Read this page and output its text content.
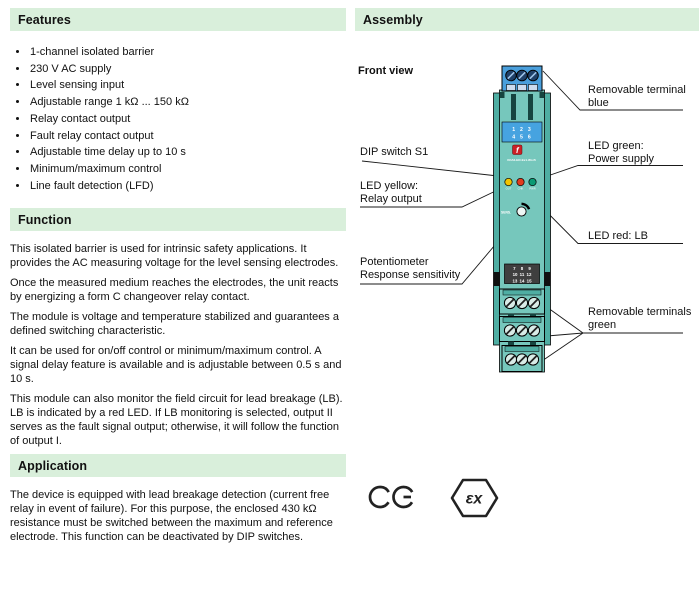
Features
• 1-channel isolated barrier
• 230 V AC supply
• Level sensing input
• Adjustable range 1 kΩ ... 150 kΩ
• Relay contact output
• Fault relay contact output
• Adjustable time delay up to 10 s
• Minimum/maximum control
• Line fault detection (LFD)
Function

This isolated barrier is used for intrinsic safety applications. It provides the AC measuring voltage for the level sensing electrodes.

Once the measured medium reaches the electrodes, the unit reacts by energizing a form C changeover relay contact.

The module is voltage and temperature stabilized and guarantees a defined switching characteristic.

It can be used for on/off control or minimum/maximum control. A signal delay feature is available and is adjustable between 0.5 s and 10 s.

This module can also monitor the field circuit for lead breakage (LB). LB is indicated by a red LED. If LB monitoring is selected, output II serves as the fault signal output; otherwise, it will follow the function of output I.

Application

The device is equipped with lead breakage detection (current free relay in event of failure). For this purpose, the enclosed 430 kΩ resistance must be switched between the maximum and reference electrode. This function can be deactivated by DIP switches.

Assembly
Front view
Removable terminal
blue
LED green:
Power supply
LED red: LB
Removable terminals
green
DIP switch S1
LED yellow:
Relay output
Potentiometer
Response sensitivity
1 2 3
4 5 6
f
KFA6-ER-Ex1.W.LB
OUT CHK PWR
SENS.
7 8 9
10 11 12
13 14 15
εx
